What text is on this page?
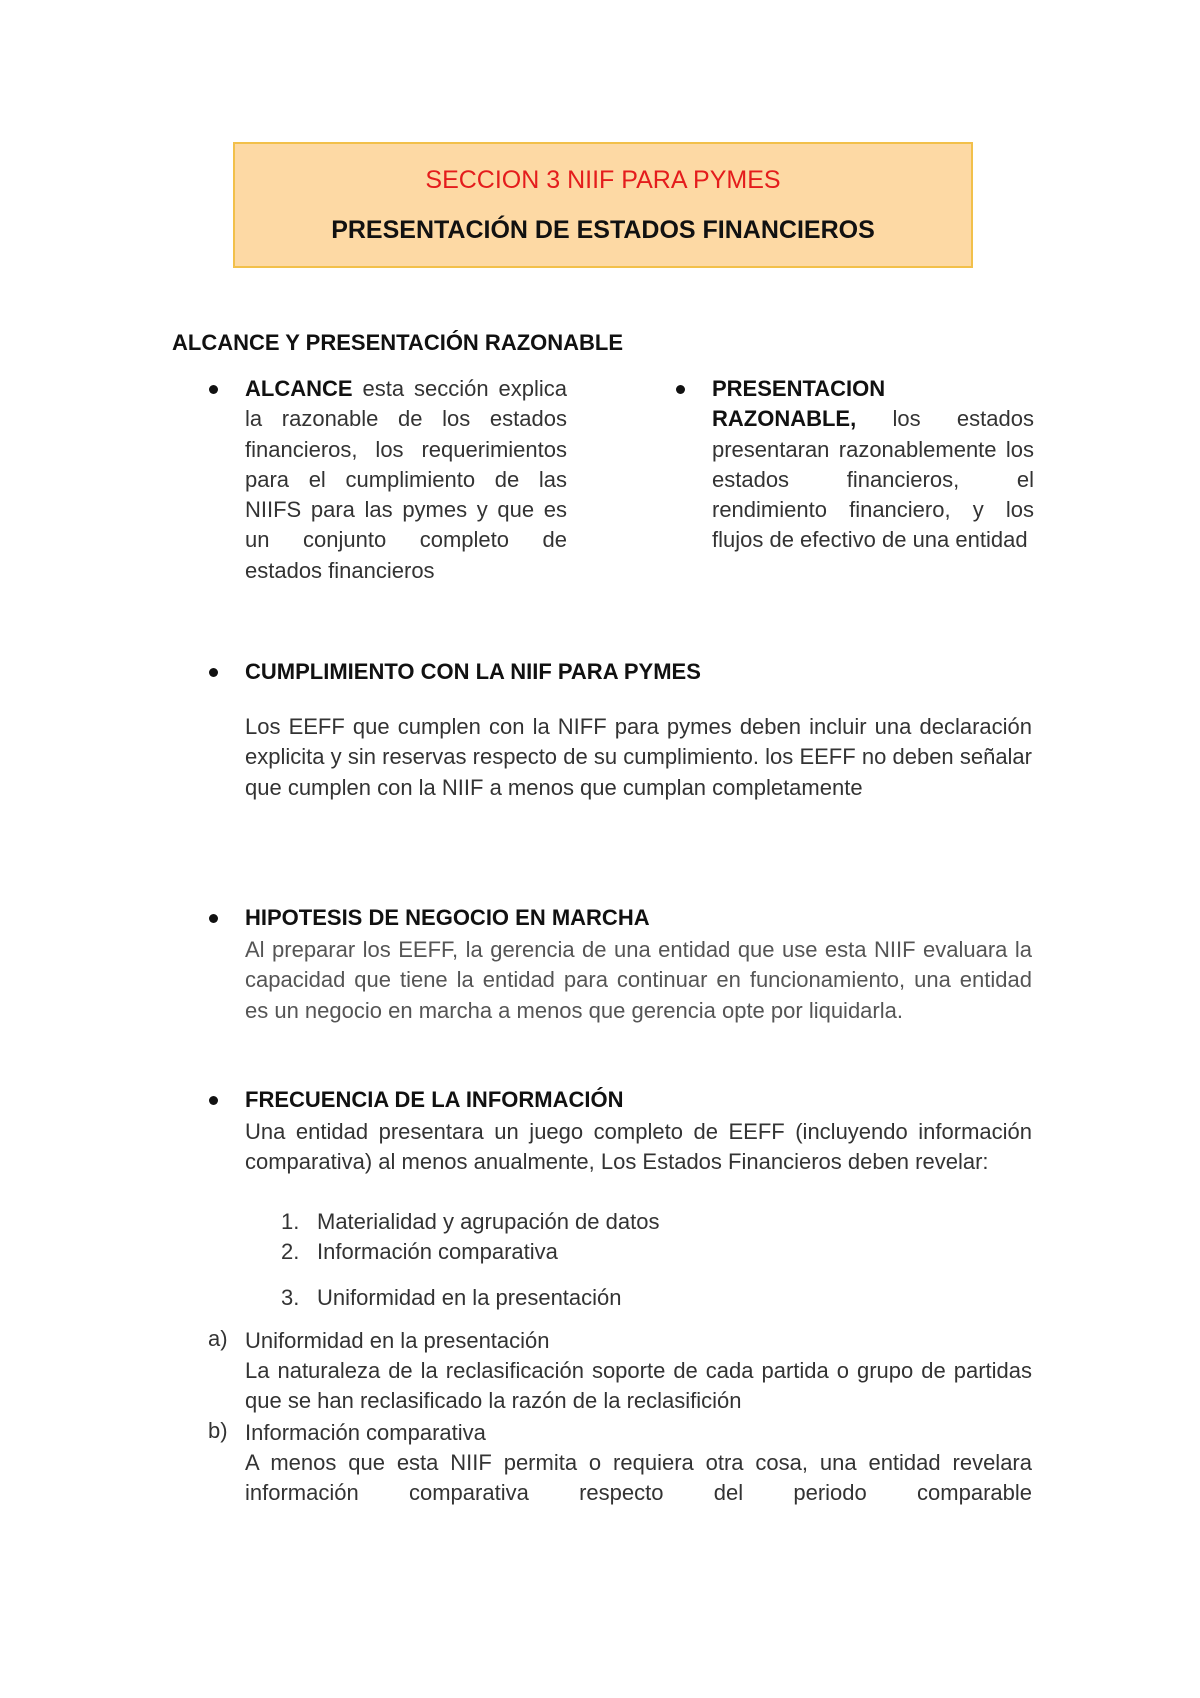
SECCION 3 NIIF PARA PYMES
PRESENTACIÓN DE ESTADOS FINANCIEROS
ALCANCE Y PRESENTACIÓN RAZONABLE
ALCANCE esta sección explica la razonable de los estados financieros, los requerimientos para el cumplimiento de las NIIFS para las pymes y que es un conjunto completo de estados financieros
PRESENTACION
RAZONABLE, los estados presentaran razonablemente los estados financieros, el rendimiento financiero, y los flujos de efectivo de una entidad
CUMPLIMIENTO CON LA NIIF PARA PYMES
Los EEFF que cumplen con la NIFF para pymes deben incluir una declaración explicita y sin reservas respecto de su cumplimiento. los EEFF no deben señalar que cumplen con la NIIF a menos que cumplan completamente
HIPOTESIS DE NEGOCIO EN MARCHA
Al preparar los EEFF, la gerencia de una entidad que use esta NIIF evaluara la capacidad que tiene la entidad para continuar en funcionamiento, una entidad es un negocio en marcha a menos que gerencia opte por liquidarla.
FRECUENCIA DE LA INFORMACIÓN
Una entidad presentara un juego completo de EEFF (incluyendo información comparativa) al menos anualmente, Los Estados Financieros deben revelar:
1. Materialidad y agrupación de datos
2. Información comparativa
3. Uniformidad en la presentación
a) Uniformidad en la presentación
La naturaleza de la reclasificación soporte de cada partida o grupo de partidas que se han reclasificado la razón de la reclasifición
b) Información comparativa
A menos que esta NIIF permita o requiera otra cosa, una entidad revelara información comparativa respecto del periodo comparable
